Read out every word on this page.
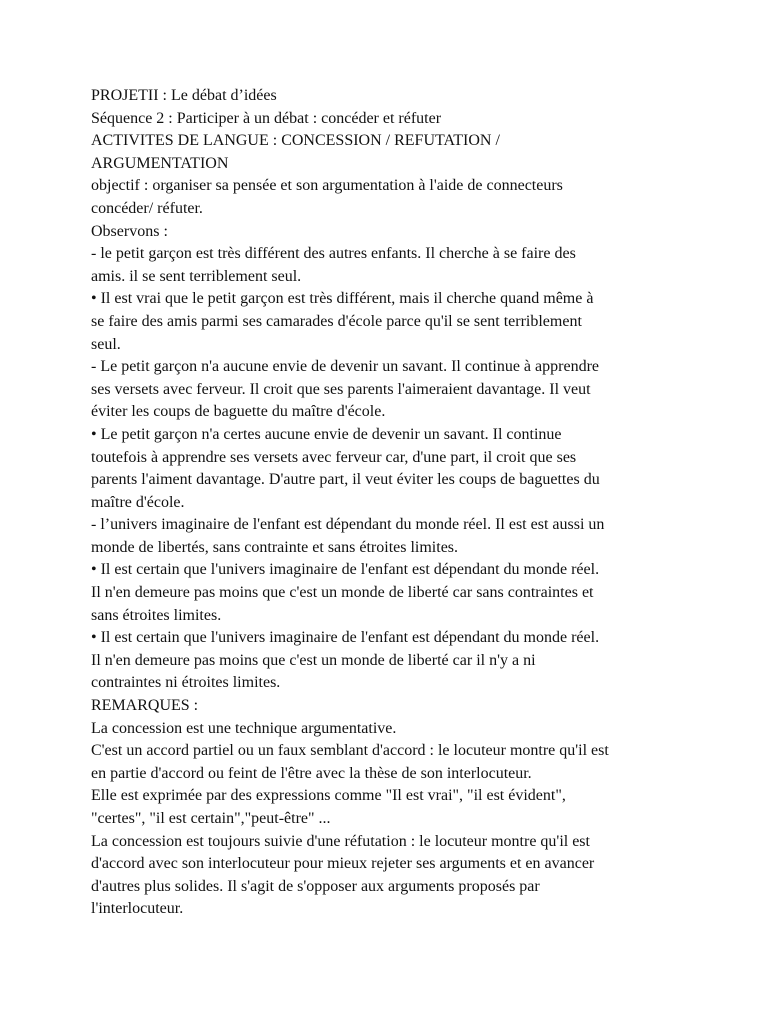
PROJETII : Le débat d’idées
Séquence 2 : Participer à un débat : concéder et réfuter
ACTIVITES DE LANGUE : CONCESSION / REFUTATION /
ARGUMENTATION
objectif : organiser sa pensée et son argumentation à l'aide de connecteurs
concéder/ réfuter.
Observons :
- le petit garçon est très différent des autres enfants. Il cherche à se faire des
amis. il se sent terriblement seul.
• Il est vrai que le petit garçon est très différent, mais il cherche quand même à
se faire des amis parmi ses camarades d'école parce qu'il se sent terriblement
seul.
- Le petit garçon n'a aucune envie de devenir un savant. Il continue à apprendre
ses versets avec ferveur. Il croit que ses parents l'aimeraient davantage. Il veut
éviter les coups de baguette du maître d'école.
• Le petit garçon n'a certes aucune envie de devenir un savant. Il continue
toutefois à apprendre ses versets avec ferveur car, d'une part, il croit que ses
parents l'aiment davantage. D'autre part, il veut éviter les coups de baguettes du
maître d'école.
- l’univers imaginaire de l'enfant est dépendant du monde réel. Il est est aussi un
monde de libertés, sans contrainte et sans étroites limites.
• Il est certain que l'univers imaginaire de l'enfant est dépendant du monde réel.
Il n'en demeure pas moins que c'est un monde de liberté car sans contraintes et
sans étroites limites.
• Il est certain que l'univers imaginaire de l'enfant est dépendant du monde réel.
Il n'en demeure pas moins que c'est un monde de liberté car il n'y a ni
contraintes ni étroites limites.
REMARQUES :
La concession est une technique argumentative.
C'est un accord partiel ou un faux semblant d'accord : le locuteur montre qu'il est
en partie d'accord ou feint de l'être avec la thèse de son interlocuteur.
Elle est exprimée par des expressions comme "Il est vrai", "il est évident",
"certes", "il est certain","peut-être" ...
La concession est toujours suivie d'une réfutation : le locuteur montre qu'il est
d'accord avec son interlocuteur pour mieux rejeter ses arguments et en avancer
d'autres plus solides. Il s'agit de s'opposer aux arguments proposés par
l'interlocuteur.
